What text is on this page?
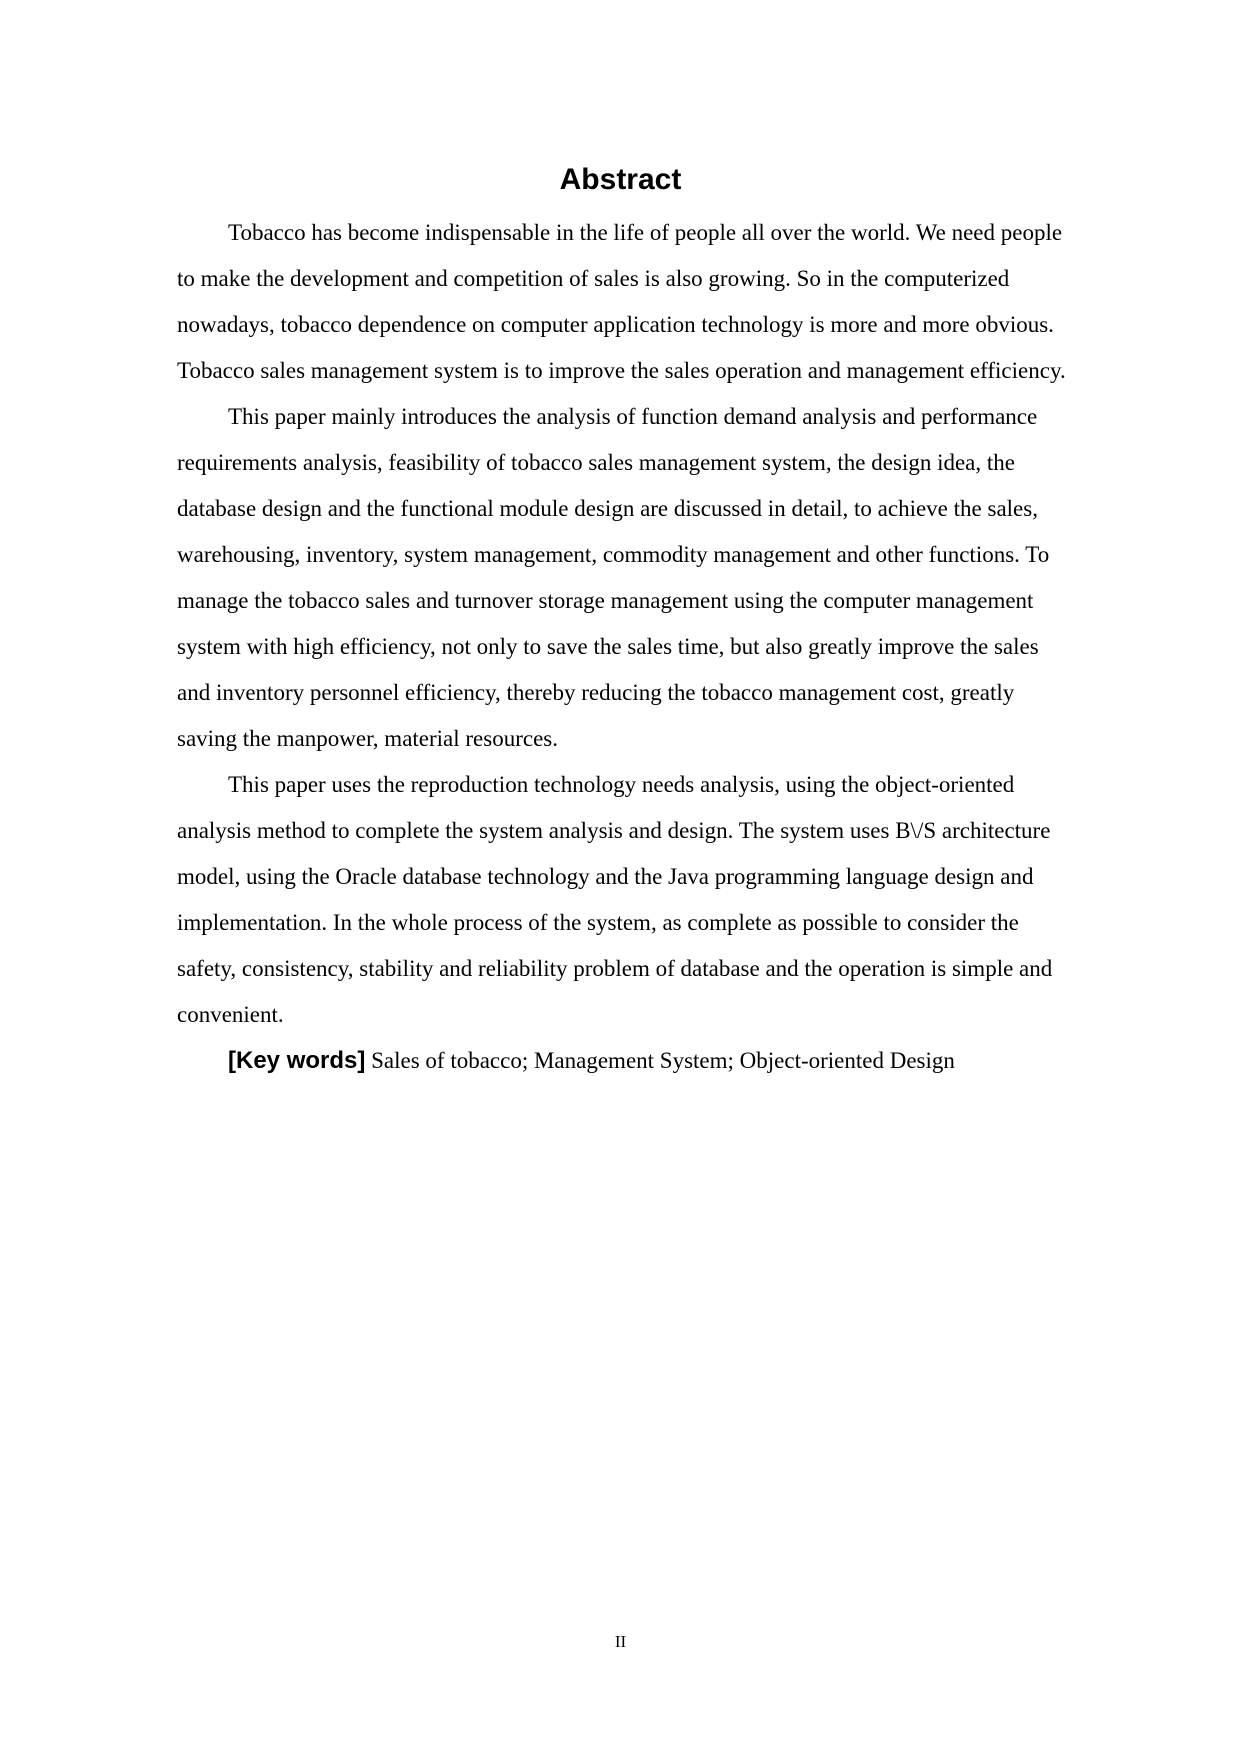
Abstract

Tobacco has become indispensable in the life of people all over the world. We need people to make the development and competition of sales is also growing. So in the computerized nowadays, tobacco dependence on computer application technology is more and more obvious. Tobacco sales management system is to improve the sales operation and management efficiency.

This paper mainly introduces the analysis of function demand analysis and performance requirements analysis, feasibility of tobacco sales management system, the design idea, the database design and the functional module design are discussed in detail, to achieve the sales, warehousing, inventory, system management, commodity management and other functions. To manage the tobacco sales and turnover storage management using the computer management system with high efficiency, not only to save the sales time, but also greatly improve the sales and inventory personnel efficiency, thereby reducing the tobacco management cost, greatly saving the manpower, material resources.

This paper uses the reproduction technology needs analysis, using the object-oriented analysis method to complete the system analysis and design. The system uses B\/S architecture model, using the Oracle database technology and the Java programming language design and implementation. In the whole process of the system, as complete as possible to consider the safety, consistency, stability and reliability problem of database and the operation is simple and convenient.

[Key words] Sales of tobacco; Management System; Object-oriented Design

II
